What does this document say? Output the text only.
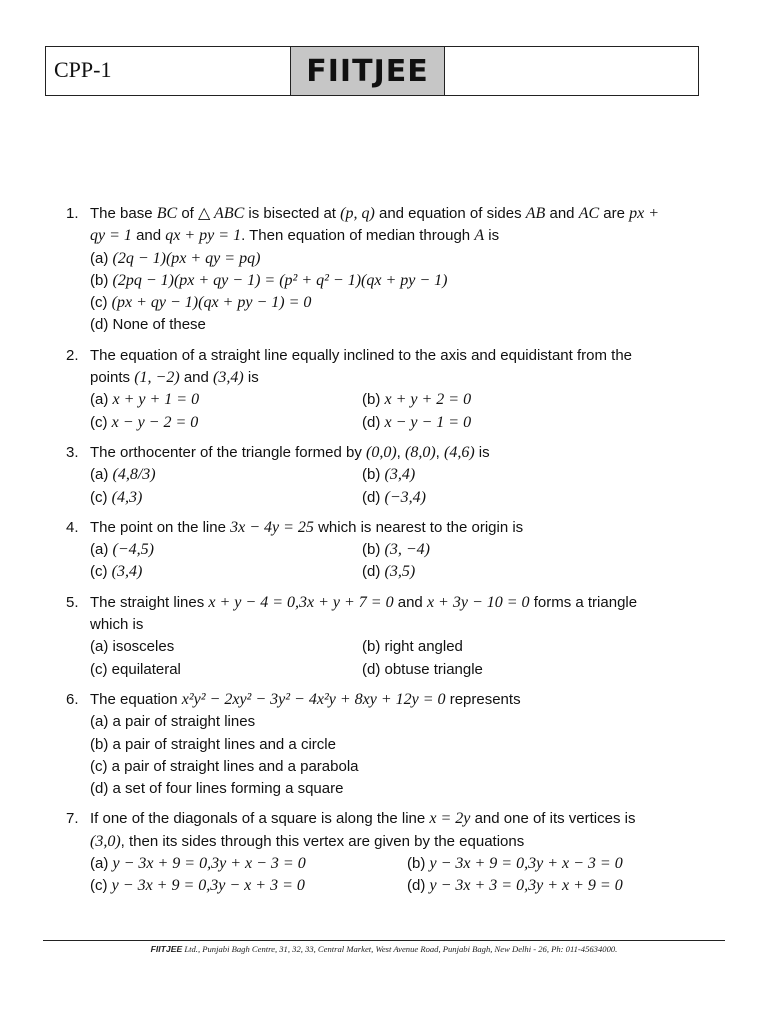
CPP-1	FIITJEE
1. The base BC of △ ABC is bisected at (p, q) and equation of sides AB and AC are px +
qy = 1 and qx + py = 1. Then equation of median through A is
(a) (2q − 1)(px + qy = pq)
(b) (2pq − 1)(px + qy − 1) = (p² + q² − 1)(qx + py − 1)
(c) (px + qy − 1)(qx + py − 1) = 0
(d) None of these
2. The equation of a straight line equally inclined to the axis and equidistant from the
points (1, −2) and (3,4) is
(a) x + y + 1 = 0	(b) x + y + 2 = 0
(c) x − y − 2 = 0	(d) x − y − 1 = 0
3. The orthocenter of the triangle formed by (0,0), (8,0), (4,6) is
(a) (4,8/3)	(b) (3,4)
(c) (4,3)	(d) (−3,4)
4. The point on the line 3x − 4y = 25 which is nearest to the origin is
(a) (−4,5)	(b) (3, −4)
(c) (3,4)	(d) (3,5)
5. The straight lines x + y − 4 = 0,3x + y + 7 = 0 and x + 3y − 10 = 0 forms a triangle
which is
(a) isosceles	(b) right angled
(c) equilateral	(d) obtuse triangle
6. The equation x²y² − 2xy² − 3y² − 4x²y + 8xy + 12y = 0 represents
(a) a pair of straight lines
(b) a pair of straight lines and a circle
(c) a pair of straight lines and a parabola
(d) a set of four lines forming a square
7. If one of the diagonals of a square is along the line x = 2y and one of its vertices is
(3,0), then its sides through this vertex are given by the equations
(a) y − 3x + 9 = 0,3y + x − 3 = 0	(b) y − 3x + 9 = 0,3y + x − 3 = 0
(c) y − 3x + 9 = 0,3y − x + 3 = 0	(d) y − 3x + 3 = 0,3y + x + 9 = 0
FIITJEE Ltd., Punjabi Bagh Centre, 31, 32, 33, Central Market, West Avenue Road, Punjabi Bagh, New Delhi - 26, Ph: 011-45634000.
